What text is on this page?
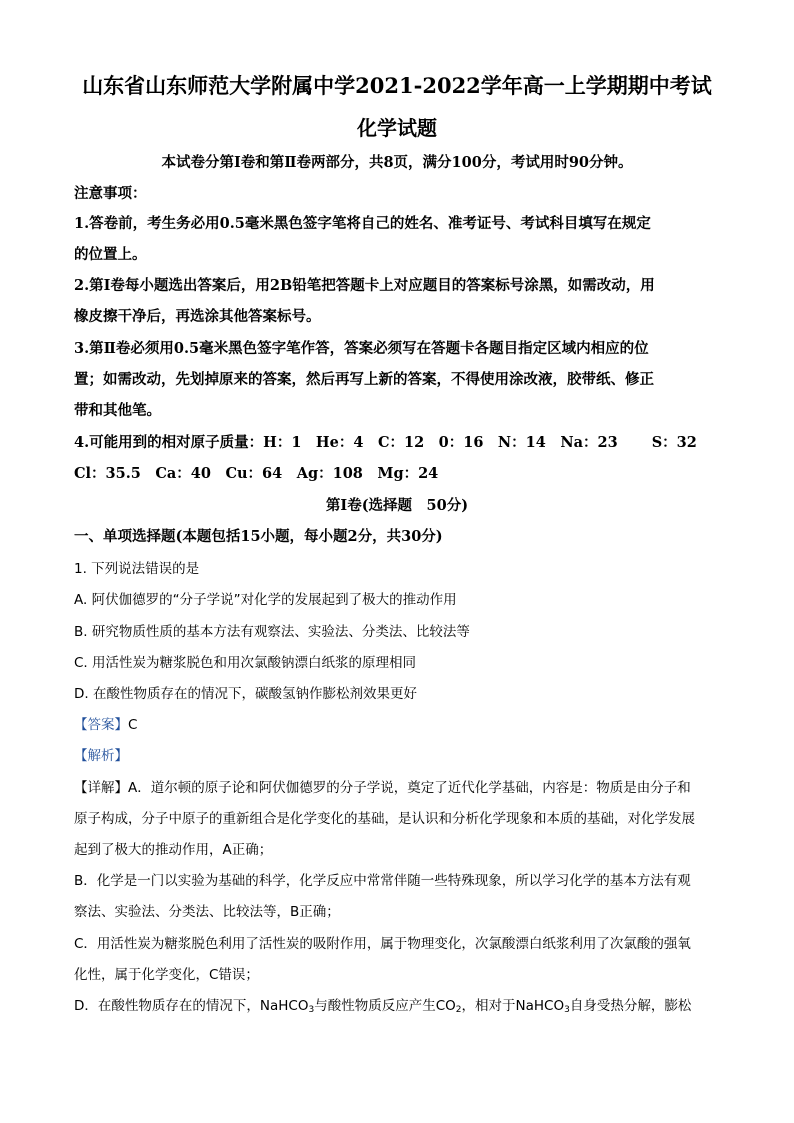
山东省山东师范大学附属中学2021-2022学年高一上学期期中考试
化学试题
本试卷分第Ⅰ卷和第Ⅱ卷两部分，共8页，满分100分，考试用时90分钟。
注意事项：
1.答卷前，考生务必用0.5毫米黑色签字笔将自己的姓名、准考证号、考试科目填写在规定
的位置上。
2.第Ⅰ卷每小题选出答案后，用2B铅笔把答题卡上对应题目的答案标号涂黑，如需改动，用
橡皮擦干净后，再选涂其他答案标号。
3.第Ⅱ卷必须用0.5毫米黑色签字笔作答，答案必须写在答题卡各题目指定区域内相应的位
置；如需改动，先划掉原来的答案，然后再写上新的答案，不得使用涂改液，胶带纸、修正
带和其他笔。
4.可能用到的相对原子质量：H：1　He：4　C：12　0：16　N：14　Na：23 S：32
Cl：35.5　Ca：40　Cu：64　Ag：108　Mg：24
第Ⅰ卷(选择题　50分)
一、单项选择题(本题包括15小题，每小题2分，共30分)
1. 下列说法错误的是
A. 阿伏伽德罗的“分子学说”对化学的发展起到了极大的推动作用
B. 研究物质性质的基本方法有观察法、实验法、分类法、比较法等
C. 用活性炭为糖浆脱色和用次氯酸钠漂白纸浆的原理相同
D. 在酸性物质存在的情况下，碳酸氢钠作膨松剂效果更好
【答案】C
【解析】
【详解】A．道尔顿的原子论和阿伏伽德罗的分子学说，奠定了近代化学基础，内容是：物质是由分子和
原子构成，分子中原子的重新组合是化学变化的基础，是认识和分析化学现象和本质的基础，对化学发展
起到了极大的推动作用，A正确；
B．化学是一门以实验为基础的科学，化学反应中常常伴随一些特殊现象，所以学习化学的基本方法有观
察法、实验法、分类法、比较法等，B正确；
C．用活性炭为糖浆脱色利用了活性炭的吸附作用，属于物理变化，次氯酸漂白纸浆利用了次氯酸的强氧
化性，属于化学变化，C错误；
D．在酸性物质存在的情况下，NaHCO$_3$与酸性物质反应产生$CO_2$，相对于NaHCO$_3$自身受热分解，膨松
